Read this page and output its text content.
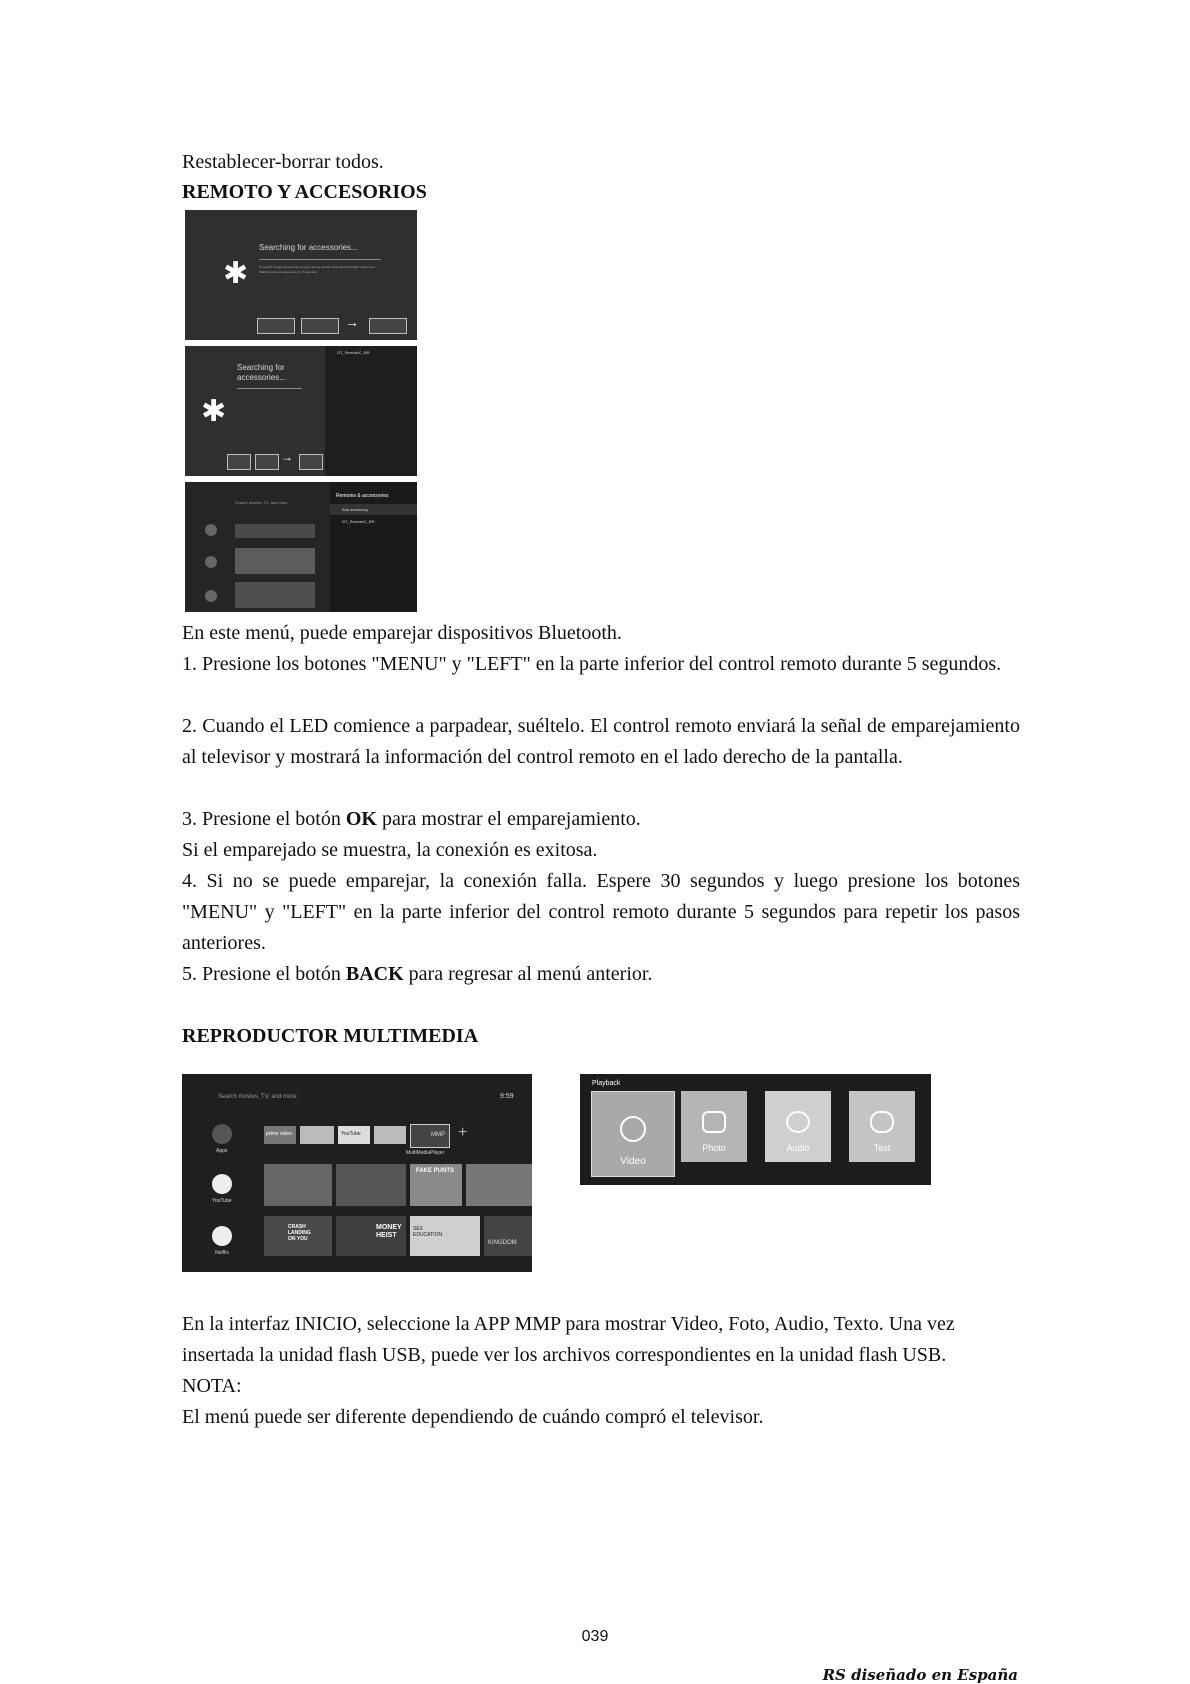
Restablecer-borrar todos.

REMOTO Y ACCESORIOS

✱
Searching for accessories...
To search Google accessories on your remote control, press and hold LEFT button and MENU button simultaneously for 5 seconds.
→
✱
Searching for
accessories...
GT_RemoteC_BR
→
Search movies, TV, and more
Remotes & accessories
Add accessory
GT_RemoteC_BR

En este menú, puede emparejar dispositivos Bluetooth.

1. Presione los botones "MENU" y "LEFT" en la parte inferior del control remoto durante 5 segundos.

2. Cuando el LED comience a parpadear, suéltelo. El control remoto enviará la señal de emparejamiento al televisor y mostrará la información del control remoto en el lado derecho de la pantalla.

3. Presione el botón OK para mostrar el emparejamiento.

Si el emparejado se muestra, la conexión es exitosa.

4. Si no se puede emparejar, la conexión falla. Espere 30 segundos y luego presione los botones "MENU" y "LEFT" en la parte inferior del control remoto durante 5 segundos para repetir los pasos anteriores.

5. Presione el botón BACK para regresar al menú anterior.

REPRODUCTOR MULTIMEDIA

Search movies, TV, and more	9:59
Apps
YouTube
Netflix
prime video	YouTube	MMP
MultiMediaPlayer
+
FAKE PUNTS
CRASH LANDING ON YOU
MONEY HEIST
SEX EDUCATION
KINGDOM
Playback
Video
Photo	Audio	Text

En la interfaz INICIO, seleccione la APP MMP para mostrar Video, Foto, Audio, Texto. Una vez insertada la unidad flash USB, puede ver los archivos correspondientes en la unidad flash USB.

NOTA:

El menú puede ser diferente dependiendo de cuándo compró el televisor.

039
RS diseñado en España
